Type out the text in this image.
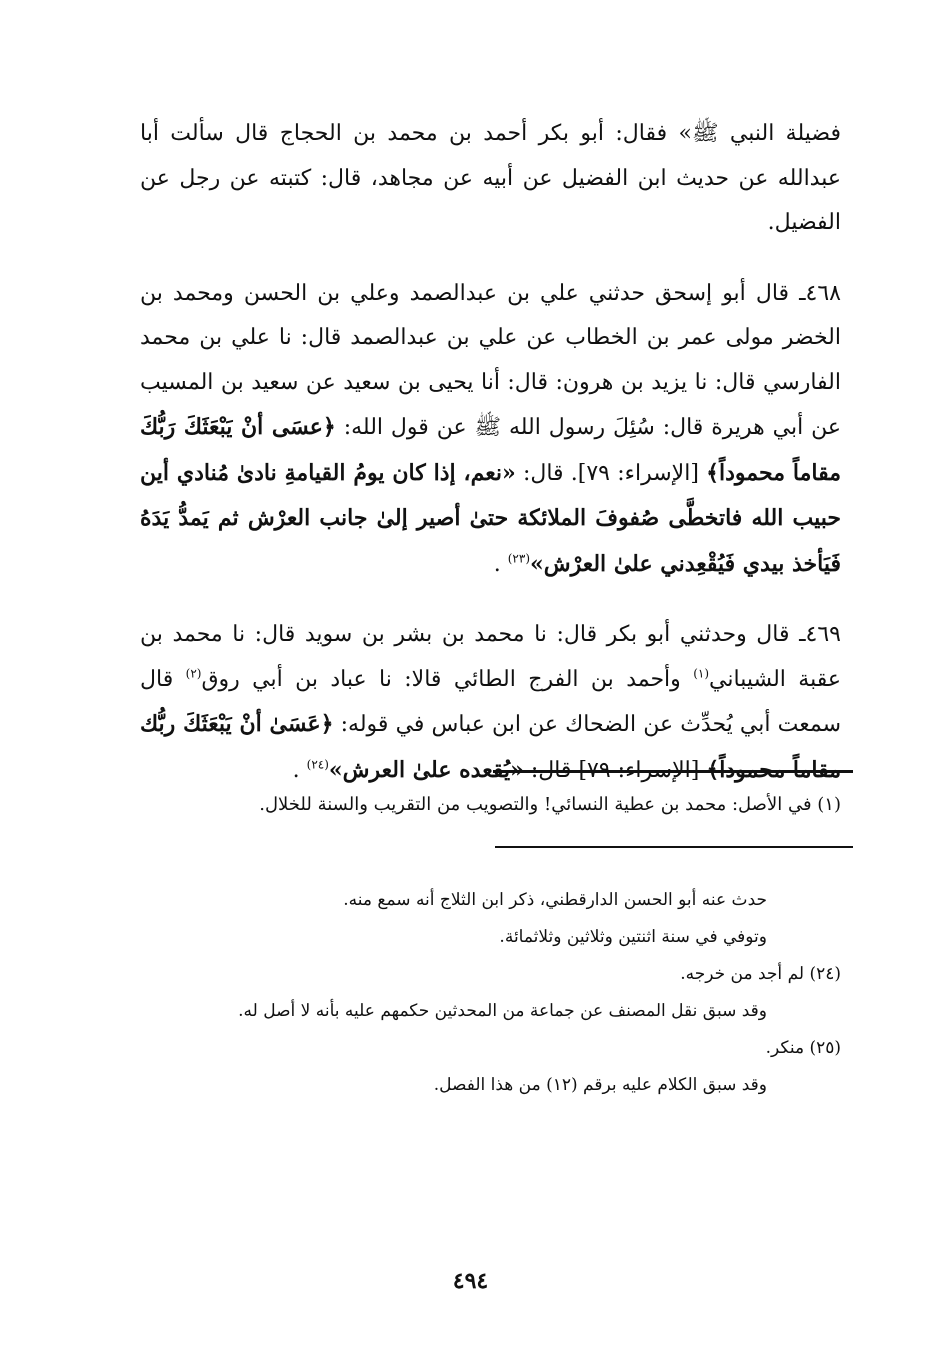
فضيلة النبي ﷺ» فقال: أبو بكر أحمد بن محمد بن الحجاج قال سألت أبا عبدالله عن حديث ابن الفضيل عن أبيه عن مجاهد، قال: كتبته عن رجل عن الفضيل.

٤٦٨ـ قال أبو إسحق حدثني علي بن عبدالصمد وعلي بن الحسن ومحمد بن الخضر مولى عمر بن الخطاب عن علي بن عبدالصمد قال: نا علي بن محمد الفارسي قال: نا يزيد بن هرون: قال: أنا يحيى بن سعيد عن سعيد بن المسيب عن أبي هريرة قال: سُئِلَ رسول الله ﷺ عن قول الله: ﴿عسَى أنْ يَبْعَثَكَ رَبُّكَ مقاماً محموداً﴾ [الإسراء: ٧٩]. قال: «نعم، إذا كان يومُ القيامةِ نادىٰ مُنادي أين حبيب الله فاتخطَّى صُفوفَ الملائكة حتىٰ أصير إلىٰ جانب العرْش ثم يَمدُّ يَدَهُ فَيَأخذ بيدي فَيُقْعِدني علىٰ العرْش»$^{(٢٣)}$ .

٤٦٩ـ قال وحدثني أبو بكر قال: نا محمد بن بشر بن سويد قال: نا محمد بن عقبة الشيباني$^{(١)}$ وأحمد بن الفرج الطائي قالا: نا عباد بن أبي روق$^{(٢)}$ قال سمعت أبي يُحدِّث عن الضحاك عن ابن عباس في قوله: ﴿عَسَىٰ أنْ يَبْعَثَكَ ربُّك مقاماً محموداً﴾ [الإسراء: ٧٩] قال: «يُقعده علىٰ العرش»$^{(٢٤)}$ .

(١) في الأصل: محمد بن عطية النسائي! والتصويب من التقريب والسنة للخلال.

حدث عنه أبو الحسن الدارقطني، ذكر ابن الثلاج أنه سمع منه.

وتوفي في سنة اثنتين وثلاثين وثلاثمائة.

(٢٤) لم أجد من خرجه.

وقد سبق نقل المصنف عن جماعة من المحدثين حكمهم عليه بأنه لا أصل له.

(٢٥) منكر.

وقد سبق الكلام عليه برقم (١٢) من هذا الفصل.

٤٩٤
